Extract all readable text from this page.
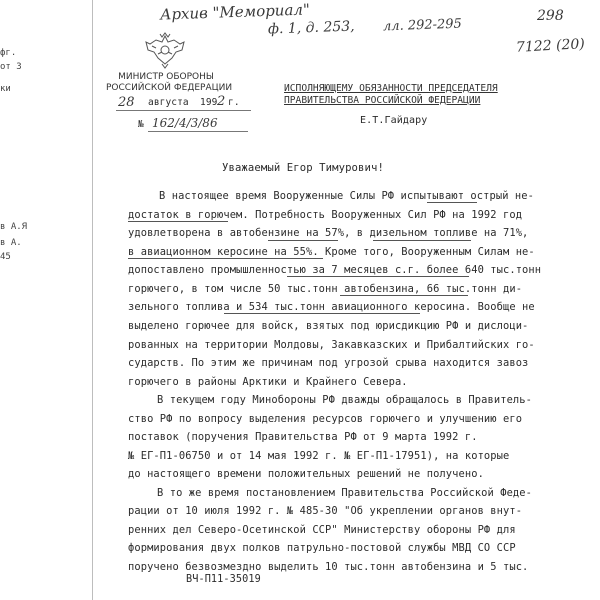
Архив "Мемориал"
ф. 1, д. 253, лл. 292-295
298
7122 (20)
фг.
от 3
ки
в А.Я
в А.
45
МИНИСТР ОБОРОНЫ
РОССИЙСКОЙ ФЕДЕРАЦИИ
28 августа 199 2 г.
№ 162/4/3/86
ИСПОЛНЯЮЩЕМУ ОБЯЗАННОСТИ ПРЕДСЕДАТЕЛЯ
ПРАВИТЕЛЬСТВА РОССИЙСКОЙ ФЕДЕРАЦИИ
Е.Т.Гайдару
Уважаемый Егор Тимурович!
В настоящее время Вооруженные Силы РФ испытывают острый не-
достаток в горючем. Потребность Вооруженных Сил РФ на 1992 год
удовлетворена в автобензине на 57%, в дизельном топливе на 71%,
в авиационном керосине на 55%. Кроме того, Вооруженным Силам не-
допоставлено промышленностью за 7 месяцев с.г. более 640 тыс.тонн
горючего, в том числе 50 тыс.тонн автобензина, 66 тыс.тонн ди-
зельного топлива и 534 тыс.тонн авиационного керосина. Вообще не
выделено горючее для войск, взятых под юрисдикцию РФ и дислоци-
рованных на территории Молдовы, Закавказских и Прибалтийских го-
сударств. По этим же причинам под угрозой срыва находится завоз
горючего в районы Арктики и Крайнего Севера.
В текущем году Минобороны РФ дважды обращалось в Правитель-
ство РФ по вопросу выделения ресурсов горючего и улучшению его
поставок (поручения Правительства РФ от 9 марта 1992 г.
№ ЕГ-П1-06750 и от 14 мая 1992 г. № ЕГ-П1-17951), на которые
до настоящего времени положительных решений не получено.
В то же время постановлением Правительства Российской Феде-
рации от 10 июля 1992 г. № 485-30 "Об укреплении органов внут-
ренних дел Северо-Осетинской ССР" Министерству обороны РФ для
формирования двух полков патрульно-постовой службы МВД СО ССР
поручено безвозмездно выделить 10 тыс.тонн автобензина и 5 тыс.
ВЧ-П11-35019
